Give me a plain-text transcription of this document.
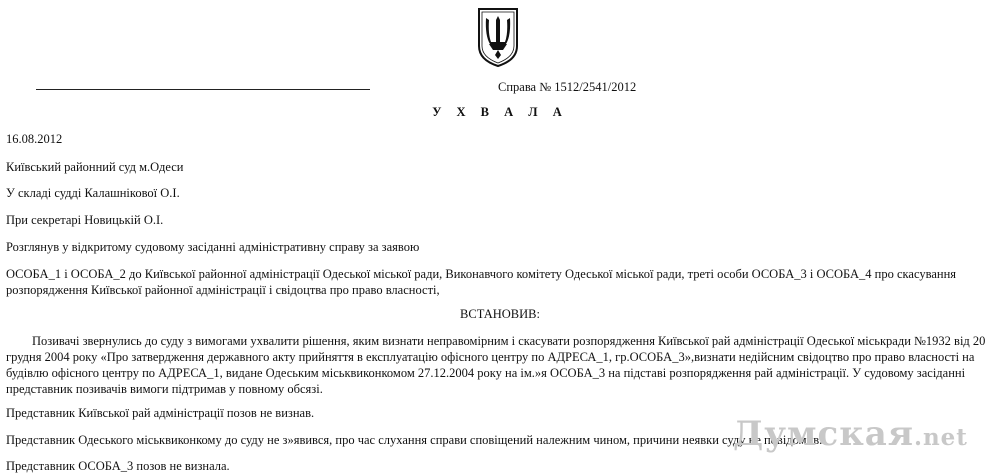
Справа № 1512/2541/2012
У Х В А Л А
16.08.2012
Київський районний суд м.Одеси
У складі судді Калашнікової О.І.
При секретарі Новицькій О.І.
Розглянув у відкритому судовому засіданні адміністративну справу за заявою
ОСОБА_1 і ОСОБА_2 до Київської районної адміністрації Одеської міської ради, Виконавчого комітету Одеської міської ради, треті особи ОСОБА_3 і ОСОБА_4 про скасування розпорядження Київської районної адміністрації і свідоцтва про право власності,
ВСТАНОВИВ:
Позивачі звернулись до суду з вимогами ухвалити рішення, яким визнати неправомірним і скасувати розпорядження Київської рай адміністрації Одеської міськради №1932 від 20 грудня 2004 року «Про затвердження державного акту прийняття в експлуатацію офісного центру по АДРЕСА_1, гр.ОСОБА_3»,визнати недійсним свідоцтво про право власності на будівлю офісного центру по АДРЕСА_1, видане Одеським міськвиконкомом 27.12.2004 року на ім.»я ОСОБА_3 на підставі розпорядження рай адміністрації. У судовому засіданні представник позивачів вимоги підтримав у повному обсязі.
Представник Київської рай адміністрації позов не визнав.
Представник Одеського міськвиконкому до суду не з»явився, про час слухання справи сповіщений належним чином, причини неявки суду не повідомив.
Представник ОСОБА_3 позов не визнала.
Думская.net
